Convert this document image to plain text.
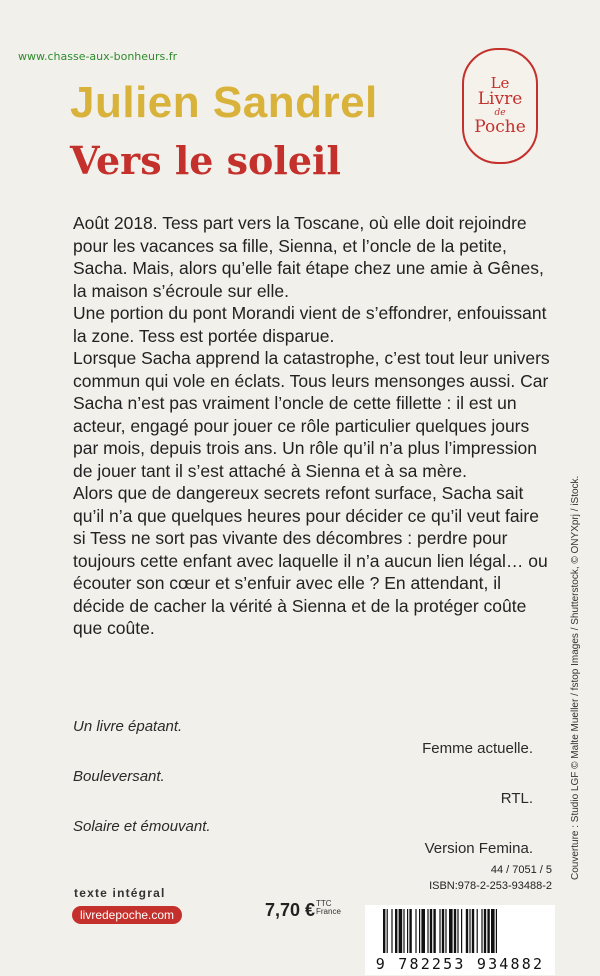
www.chasse-aux-bonheurs.fr
Julien Sandrel
Vers le soleil
Le
Livre
de
Poche

Août 2018. Tess part vers la Toscane, où elle doit rejoindre pour les vacances sa fille, Sienna, et l’oncle de la petite, Sacha. Mais, alors qu’elle fait étape chez une amie à Gênes, la maison s’écroule sur elle.

Une portion du pont Morandi vient de s’effondrer, enfouissant la zone. Tess est portée disparue.

Lorsque Sacha apprend la catastrophe, c’est tout leur univers commun qui vole en éclats. Tous leurs mensonges aussi. Car Sacha n’est pas vraiment l’oncle de cette fillette : il est un acteur, engagé pour jouer ce rôle particulier quelques jours par mois, depuis trois ans. Un rôle qu’il n’a plus l’impression de jouer tant il s’est attaché à Sienna et à sa mère.

Alors que de dangereux secrets refont surface, Sacha sait qu’il n’a que quelques heures pour décider ce qu’il veut faire si Tess ne sort pas vivante des décombres : perdre pour toujours cette enfant avec laquelle il n’a aucun lien légal… ou écouter son cœur et s’enfuir avec elle ? En attendant, il décide de cacher la vérité à Sienna et de la protéger coûte que coûte.

Un livre épatant.
Femme actuelle.
Bouleversant.
RTL.
Solaire et émouvant.
Version Femina.	Couverture : Studio LGF © Malte Mueller / fstop Images / Shutterstock, © ONYXprj / iStock.
texte intégral
livredepoche.com	7,70 € TTC
France
44 / 7051 / 5
ISBN:978-2-253-93488-2
9 782253 934882
